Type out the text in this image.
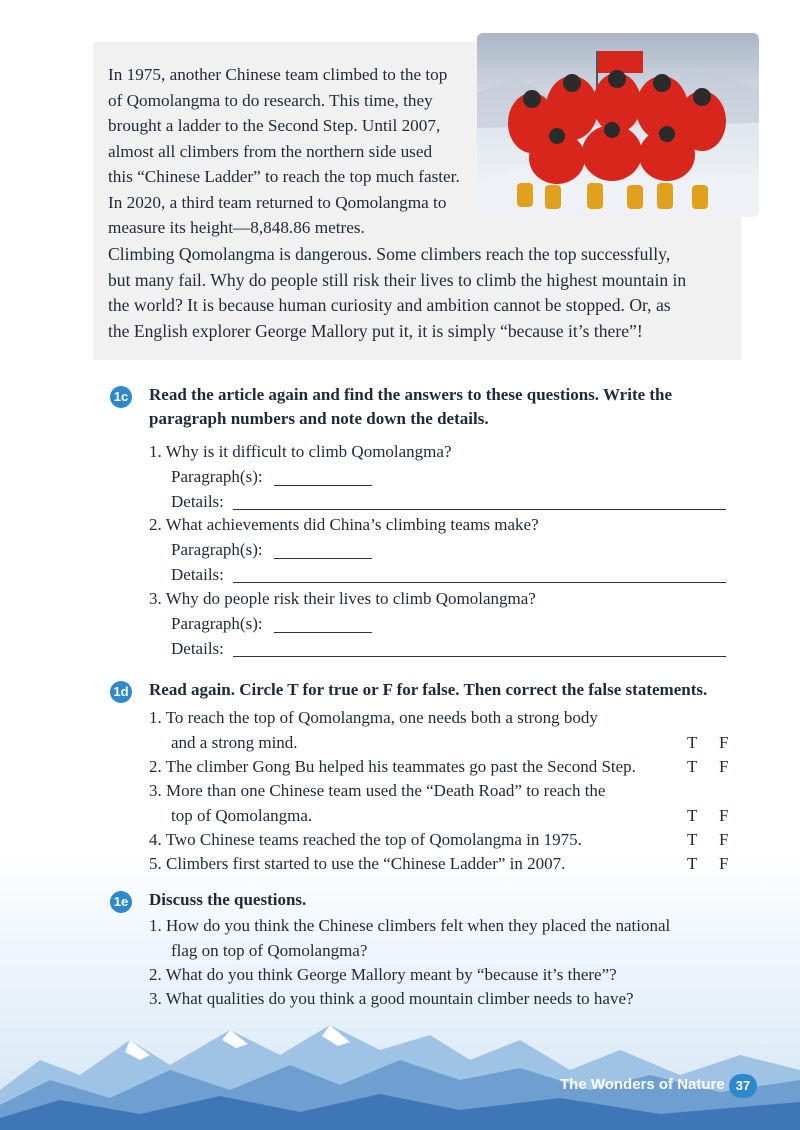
In 1975, another Chinese team climbed to the top
of Qomolangma to do research. This time, they
brought a ladder to the Second Step. Until 2007,
almost all climbers from the northern side used
this “Chinese Ladder” to reach the top much faster.
In 2020, a third team returned to Qomolangma to
measure its height—8,848.86 metres.
Climbing Qomolangma is dangerous. Some climbers reach the top successfully,
but many fail. Why do people still risk their lives to climb the highest mountain in
the world? It is because human curiosity and ambition cannot be stopped. Or, as
the English explorer George Mallory put it, it is simply “because it’s there”!
1c Read the article again and find the answers to these questions. Write the
paragraph numbers and note down the details.
1. Why is it difficult to climb Qomolangma?
Paragraph(s):
Details:
2. What achievements did China’s climbing teams make?
Paragraph(s):
Details:
3. Why do people risk their lives to climb Qomolangma?
Paragraph(s):
Details:
1d Read again. Circle T for true or F for false. Then correct the false statements.
1. To reach the top of Qomolangma, one needs both a strong body
and a strong mind.	T F
2. The climber Gong Bu helped his teammates go past the Second Step.	T F
3. More than one Chinese team used the “Death Road” to reach the
top of Qomolangma.	T F
4. Two Chinese teams reached the top of Qomolangma in 1975.	T F
5. Climbers first started to use the “Chinese Ladder” in 2007.	T F
1e Discuss the questions.
1. How do you think the Chinese climbers felt when they placed the national
flag on top of Qomolangma?
2. What do you think George Mallory meant by “because it’s there”?
3. What qualities do you think a good mountain climber needs to have?
The Wonders of Nature 37
